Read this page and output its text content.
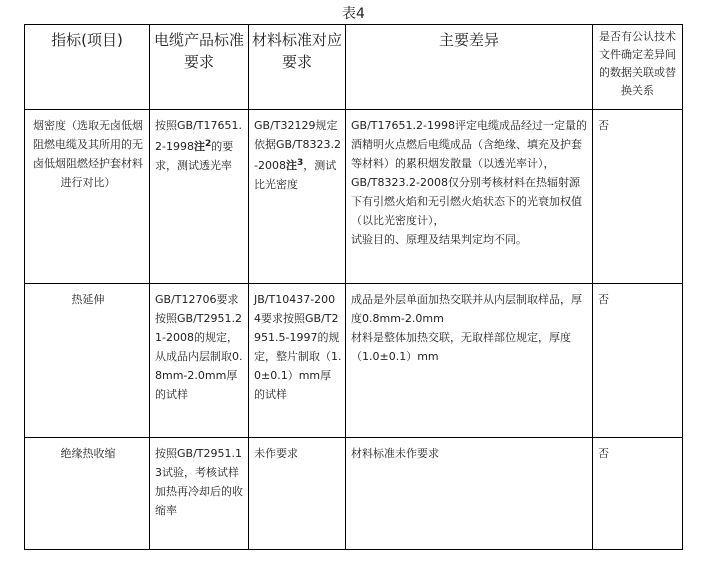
表4
指标(项目)	电缆产品标准要求	材料标准对应要求	主要差异	是否有公认技术文件确定差异间的数据关联或替换关系
烟密度（选取无卤低烟阻燃电缆及其所用的无卤低烟阻燃烃护套材料进行对比）	按照GB/T17651.2-1998注$^2$的要求，测试透光率	GB/T32129规定依据GB/T8323.2-2008注$^3$，测试比光密度	GB/T17651.2-1998评定电缆成品经过一定量的酒精明火点燃后电缆成品（含绝缘、填充及护套等材料）的累积烟发散量（以透光率计），
GB/T8323.2-2008仅分别考核材料在热辐射源下有引燃火焰和无引燃火焰状态下的光衰加权值（以比光密度计），
试验目的、原理及结果判定均不同。	否
热延伸	GB/T12706要求按照GB/T2951.21-2008的规定，从成品内层制取0.8mm-2.0mm厚的试样	JB/T10437-2004要求按照GB/T2951.5-1997的规定，整片制取（1.0±0.1）mm厚的试样	成品是外层单面加热交联并从内层制取样品，厚度0.8mm-2.0mm
材料是整体加热交联，无取样部位规定，厚度（1.0±0.1）mm	否
绝缘热收缩	按照GB/T2951.13试验，考核试样加热再冷却后的收缩率	未作要求	材料标准未作要求	否
